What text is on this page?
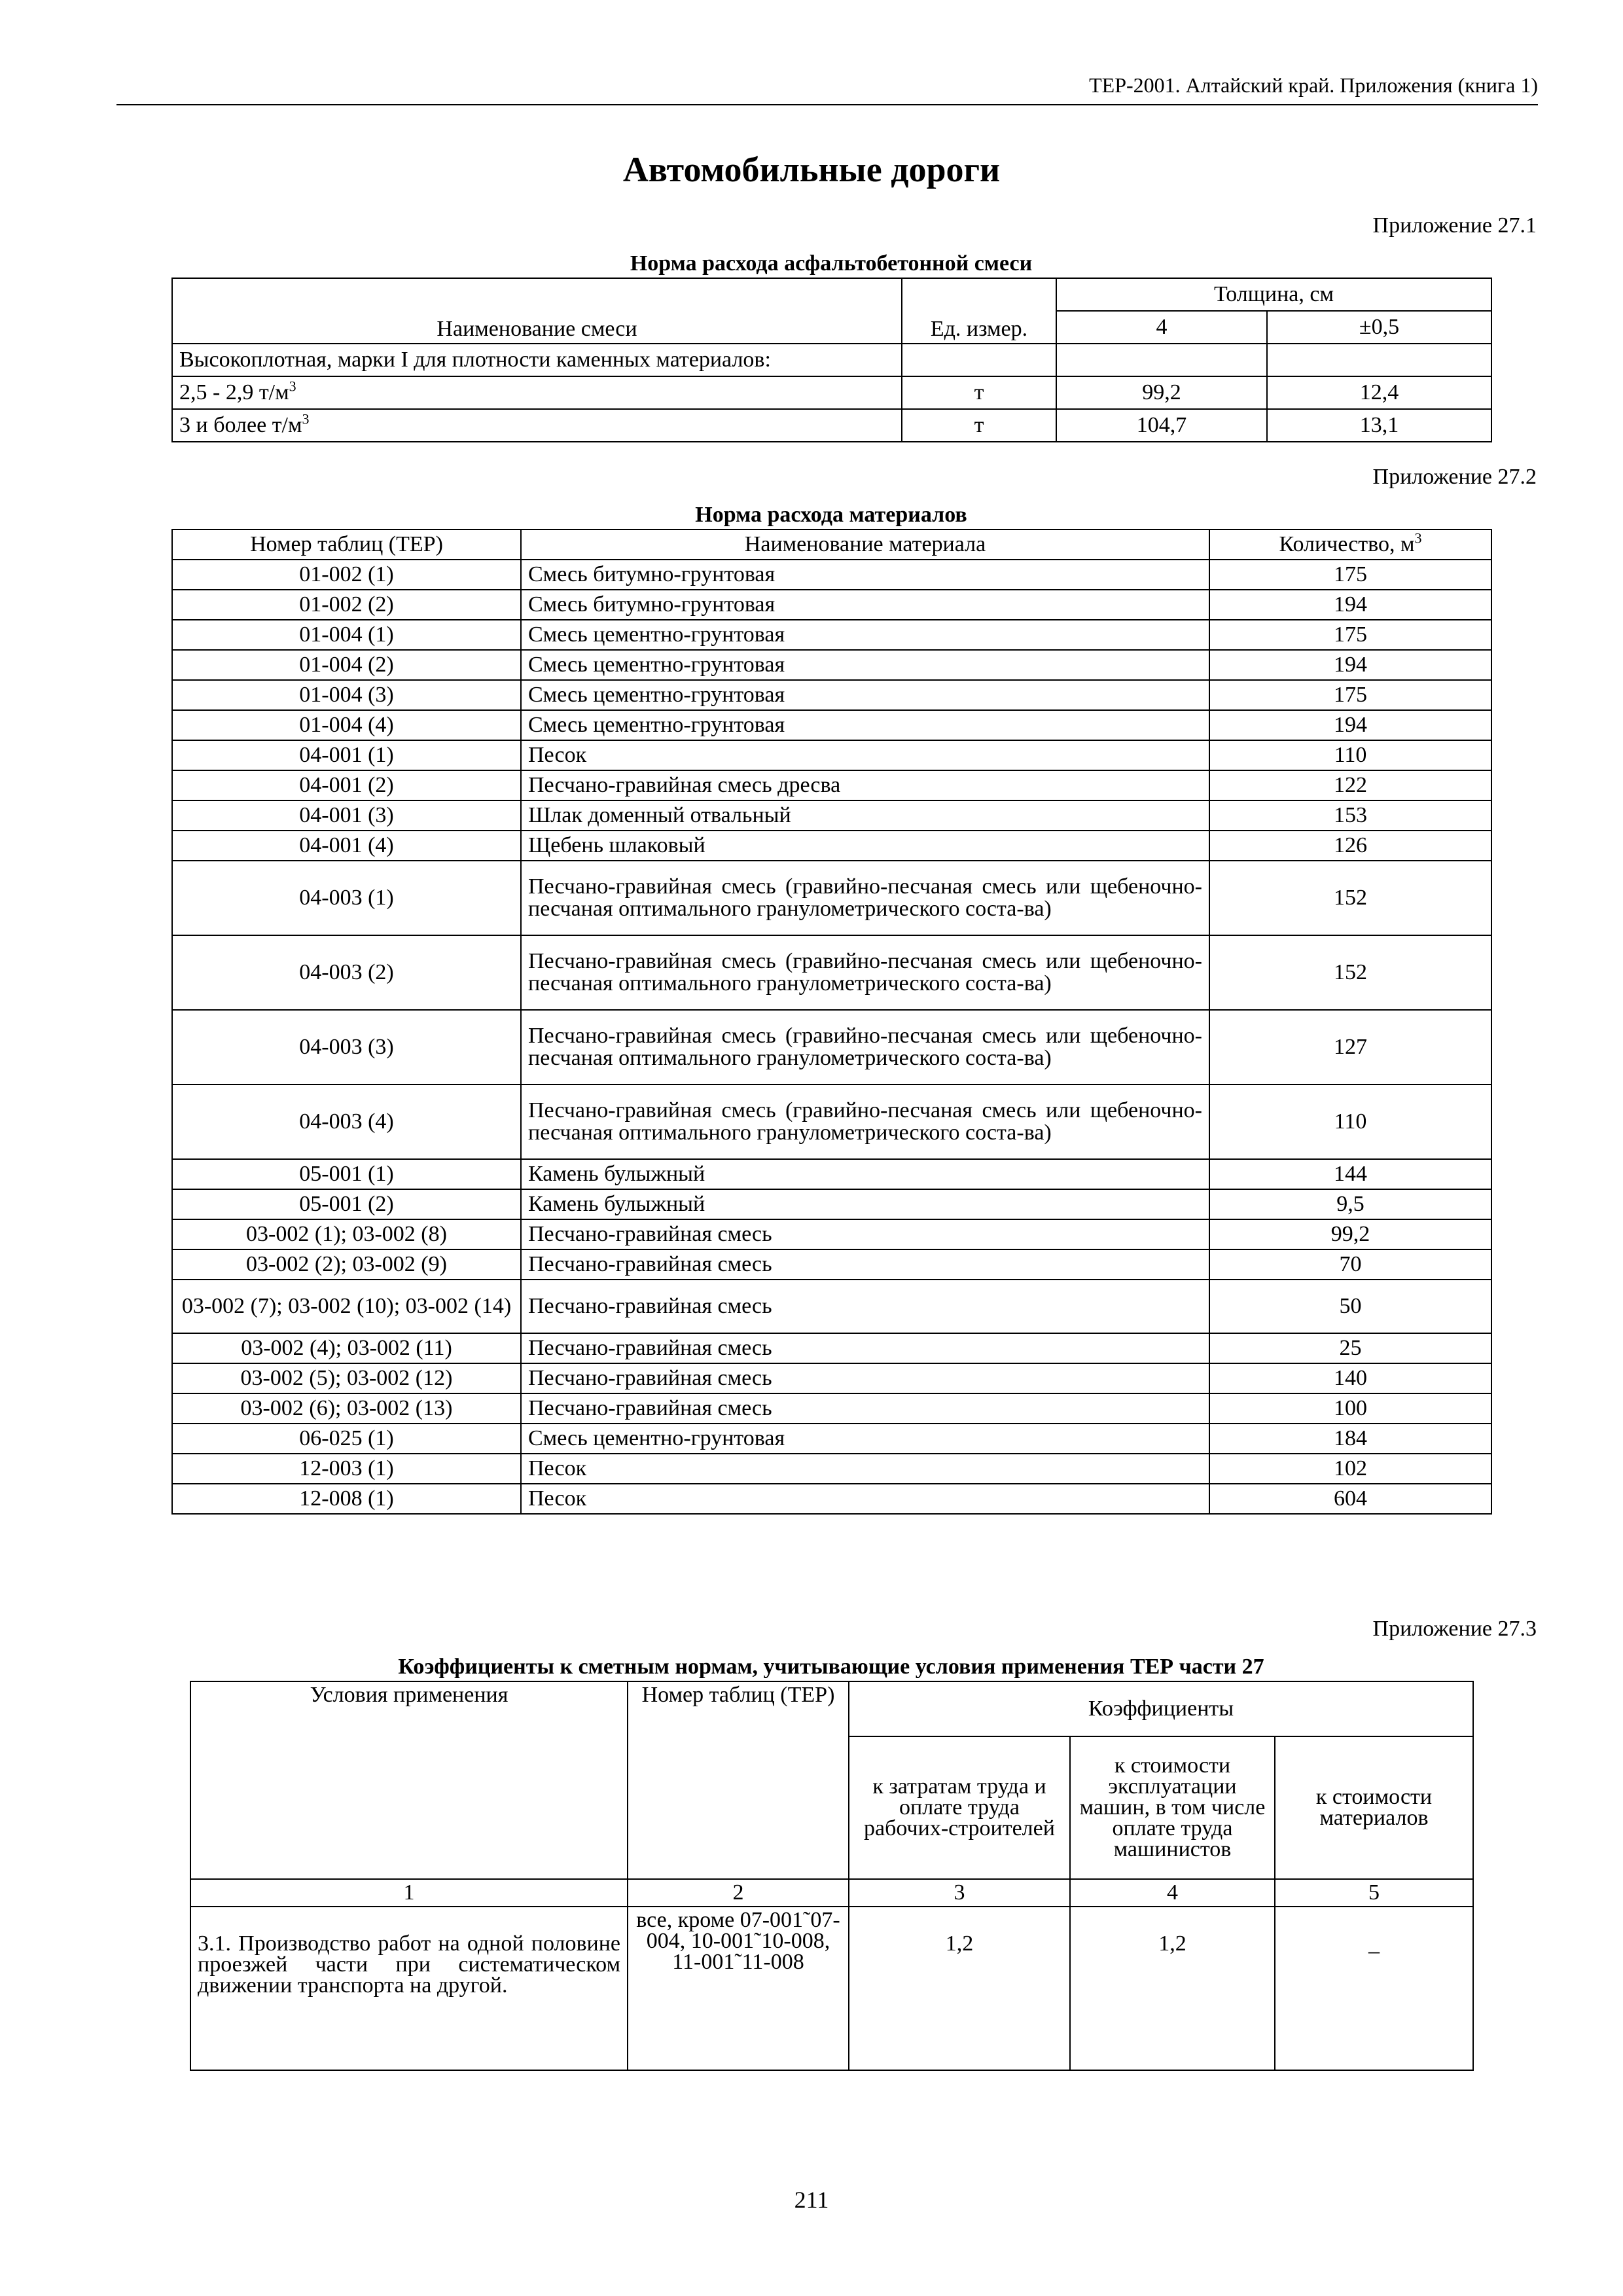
ТЕР-2001. Алтайский край. Приложения (книга 1)
Автомобильные дороги
Приложение 27.1
Норма расхода асфальтобетонной смеси
Наименование смеси	Ед. измер.	Толщина, см	
		4	±0,5
Высокоплотная, марки I для плотности каменных материалов:			
2,5 - 2,9 $т/м^3$	т	99,2	12,4
3 и более $т/м^3$	т	104,7	13,1
Приложение 27.2
Норма расхода материалов
Номер таблиц (ТЕР)	Наименование материала	Количество, $м^3$
01-002 (1)	Смесь битумно-грунтовая	175
01-002 (2)	Смесь битумно-грунтовая	194
01-004 (1)	Смесь цементно-грунтовая	175
01-004 (2)	Смесь цементно-грунтовая	194
01-004 (3)	Смесь цементно-грунтовая	175
01-004 (4)	Смесь цементно-грунтовая	194
04-001 (1)	Песок	110
04-001 (2)	Песчано-гравийная смесь дресва	122
04-001 (3)	Шлак доменный отвальный	153
04-001 (4)	Щебень шлаковый	126
04-003 (1)	Песчано-гравийная смесь (гравийно-песчаная смесь или щебеночно-песчаная оптимального гранулометрического соста-ва)	152
04-003 (2)	Песчано-гравийная смесь (гравийно-песчаная смесь или щебеночно-песчаная оптимального гранулометрического соста-ва)	152
04-003 (3)	Песчано-гравийная смесь (гравийно-песчаная смесь или щебеночно-песчаная оптимального гранулометрического соста-ва)	127
04-003 (4)	Песчано-гравийная смесь (гравийно-песчаная смесь или щебеночно-песчаная оптимального гранулометрического соста-ва)	110
05-001 (1)	Камень булыжный	144
05-001 (2)	Камень булыжный	9,5
03-002 (1); 03-002 (8)	Песчано-гравийная смесь	99,2
03-002 (2); 03-002 (9)	Песчано-гравийная смесь	70
03-002 (7); 03-002 (10); 03-002 (14)	Песчано-гравийная смесь	50
03-002 (4); 03-002 (11)	Песчано-гравийная смесь	25
03-002 (5); 03-002 (12)	Песчано-гравийная смесь	140
03-002 (6); 03-002 (13)	Песчано-гравийная смесь	100
06-025 (1)	Смесь цементно-грунтовая	184
12-003 (1)	Песок	102
12-008 (1)	Песок	604
Приложение 27.3
Коэффициенты к сметным нормам, учитывающие условия применения ТЕР части 27
Условия применения	Номер таблиц (ТЕР)	Коэффициенты		
		к затратам труда и оплате труда рабочих-строителей	к стоимости эксплуатации машин, в том числе оплате труда машинистов	к стоимости материалов
1	2	3	4	5
3.1. Производство работ на одной половине проезжей части при систематическом движении транспорта на другой.	все, кроме 07-001˜07-004, 10-001˜10-008, 11-001˜11-008	1,2	1,2	_
211
